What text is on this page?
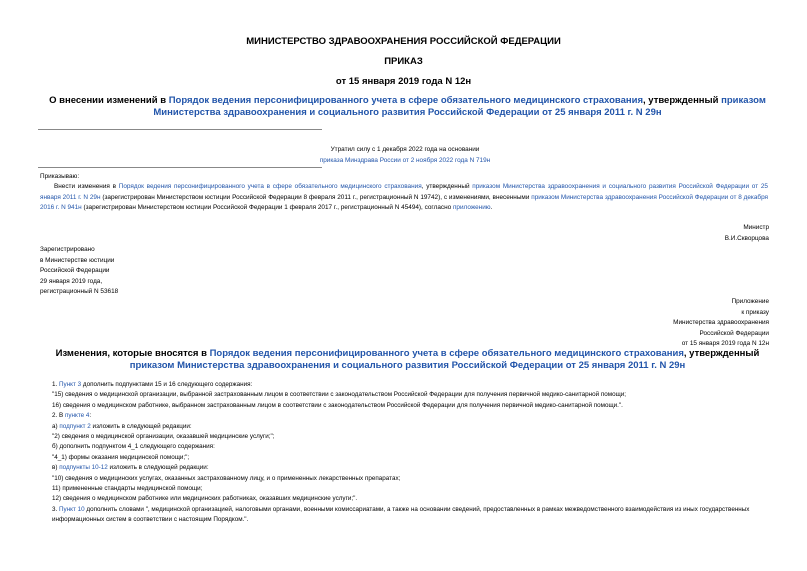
МИНИСТЕРСТВО ЗДРАВООХРАНЕНИЯ РОССИЙСКОЙ ФЕДЕРАЦИИ
ПРИКАЗ
от 15 января 2019 года N 12н
О внесении изменений в Порядок ведения персонифицированного учета в сфере обязательного медицинского страхования, утвержденный приказом Министерства здравоохранения и социального развития Российской Федерации от 25 января 2011 г. N 29н
Утратил силу с 1 декабря 2022 года на основании
приказа Минздрава России от 2 ноября 2022 года N 719н
Приказываю:
Внести изменения в Порядок ведения персонифицированного учета в сфере обязательного медицинского страхования, утвержденный приказом Министерства здравоохранения и социального развития Российской Федерации от 25 января 2011 г. N 29н (зарегистрирован Министерством юстиции Российской Федерации 8 февраля 2011 г., регистрационный N 19742), с изменениями, внесенными приказом Министерства здравоохранения Российской Федерации от 8 декабря 2016 г. N 941н (зарегистрирован Министерством юстиции Российской Федерации 1 февраля 2017 г., регистрационный N 45494), согласно приложению.
Министр
В.И.Скворцова
Зарегистрировано
в Министерстве юстиции
Российской Федерации
29 января 2019 года,
регистрационный N 53618
Приложение
к приказу
Министерства здравоохранения
Российской Федерации
от 15 января 2019 года N 12н
Изменения, которые вносятся в Порядок ведения персонифицированного учета в сфере обязательного медицинского страхования, утвержденный приказом Министерства здравоохранения и социального развития Российской Федерации от 25 января 2011 г. N 29н

1. Пункт 3 дополнить подпунктами 15 и 16 следующего содержания:

"15) сведения о медицинской организации, выбранной застрахованным лицом в соответствии с законодательством Российской Федерации для получения первичной медико-санитарной помощи;

16) сведения о медицинском работнике, выбранном застрахованным лицом в соответствии с законодательством Российской Федерации для получения первичной медико-санитарной помощи.".

2. В пункте 4:

а) подпункт 2 изложить в следующей редакции:

"2) сведения о медицинской организации, оказавшей медицинские услуги;";

б) дополнить подпунктом 4_1 следующего содержания:

"4_1) формы оказания медицинской помощи;";

в) подпункты 10-12 изложить в следующей редакции:

"10) сведения о медицинских услугах, оказанных застрахованному лицу, и о примененных лекарственных препаратах;

11) примененные стандарты медицинской помощи;

12) сведения о медицинском работнике или медицинских работниках, оказавших медицинские услуги;".

3. Пункт 10 дополнить словами ", медицинской организацией, налоговыми органами, военными комиссариатами, а также на основании сведений, предоставленных в рамках межведомственного взаимодействия из иных государственных информационных систем в соответствии с настоящим Порядком.".
